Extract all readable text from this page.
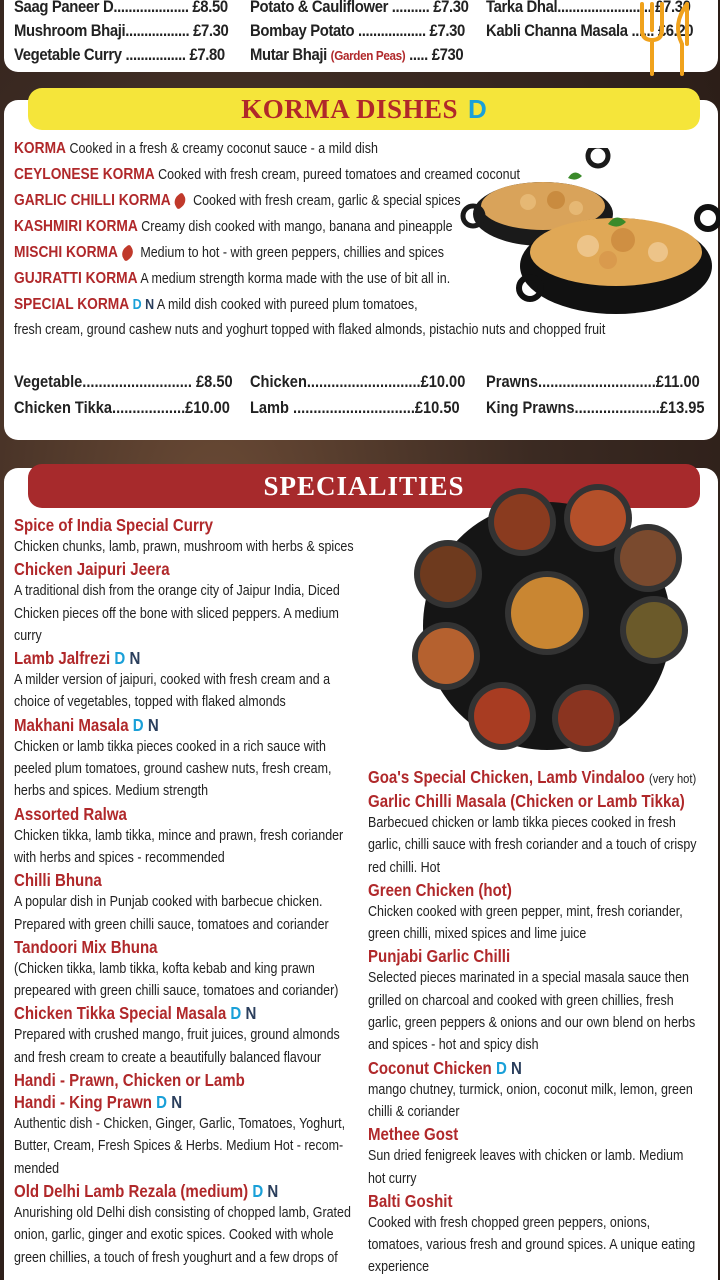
Saag Paneer D.................... £8.50 Potato & Cauliflower .......... £7.30 Tarka Dhal......................... £7.30
Mushroom Bhaji................. £7.30 Bombay Potato .................. £7.30 Kabli Channa Masala ...... £6.20
Vegetable Curry ................ £7.80 Mutar Bhaji (Garden Peas) ..... £730
KORMA DISHES D
KORMA Cooked in a fresh & creamy coconut sauce - a mild dish
CEYLONESE KORMA Cooked with fresh cream, pureed tomatoes and creamed coconut
GARLIC CHILLI KORMA Cooked with fresh cream, garlic & special spices
KASHMIRI KORMA Creamy dish cooked with mango, banana and pineapple
MISCHI KORMA Medium to hot - with green peppers, chillies and spices
GUJRATTI KORMA A medium strength korma made with the use of bit all in.
SPECIAL KORMA D N A mild dish cooked with pureed plum tomatoes,
fresh cream, ground cashew nuts and yoghurt topped with flaked almonds, pistachio nuts and chopped fruit
Vegetable........................... £8.50 Chicken............................£10.00 Prawns.............................£11.00
Chicken Tikka..................£10.00 Lamb ..............................£10.50 King Prawns.....................£13.95
SPECIALITIES
Spice of India Special Curry
Chicken chunks, lamb, prawn, mushroom with herbs & spices
Chicken Jaipuri Jeera
A traditional dish from the orange city of Jaipur India, Diced Chicken pieces off the bone with sliced peppers. A medium curry
Lamb Jalfrezi D N
A milder version of jaipuri, cooked with fresh cream and a choice of vegetables, topped with flaked almonds
Makhani Masala D N
Chicken or lamb tikka pieces cooked in a rich sauce with peeled plum tomatoes, ground cashew nuts, fresh cream, herbs and spices. Medium strength
Assorted Ralwa
Chicken tikka, lamb tikka, mince and prawn, fresh coriander with herbs and spices - recommended
Chilli Bhuna
A popular dish in Punjab cooked with barbecue chicken. Prepared with green chilli sauce, tomatoes and coriander
Tandoori Mix Bhuna
(Chicken tikka, lamb tikka, kofta kebab and king prawn prepeared with green chilli sauce, tomatoes and coriander)
Chicken Tikka Special Masala D N
Prepared with crushed mango, fruit juices, ground almonds and fresh cream to create a beautifully balanced flavour
Handi - Prawn, Chicken or Lamb
Handi - King Prawn D N
Authentic dish - Chicken, Ginger, Garlic, Tomatoes, Yoghurt, Butter, Cream, Fresh Spices & Herbs. Medium Hot - recom-mended
Old Delhi Lamb Rezala (medium) D N
Anurishing old Delhi dish consisting of chopped lamb, Grated onion, garlic, ginger and exotic spices. Cooked with whole green chillies, a touch of fresh youghurt and a few drops of
Goa's Special Chicken, Lamb Vindaloo (very hot)
Garlic Chilli Masala (Chicken or Lamb Tikka)
Barbecued chicken or lamb tikka pieces cooked in fresh garlic, chilli sauce with fresh coriander and a touch of crispy red chilli. Hot
Green Chicken (hot)
Chicken cooked with green pepper, mint, fresh coriander, green chilli, mixed spices and lime juice
Punjabi Garlic Chilli
Selected pieces marinated in a special masala sauce then grilled on charcoal and cooked with green chillies, fresh garlic, green peppers & onions and our own blend on herbs and spices - hot and spicy dish
Coconut Chicken D N
mango chutney, turmick, onion, coconut milk, lemon, green chilli & coriander
Methee Gost
Sun dried fenigreek leaves with chicken or lamb. Medium hot curry
Balti Goshit
Cooked with fresh chopped green peppers, onions, tomatoes, various fresh and ground spices. A unique eating experience
